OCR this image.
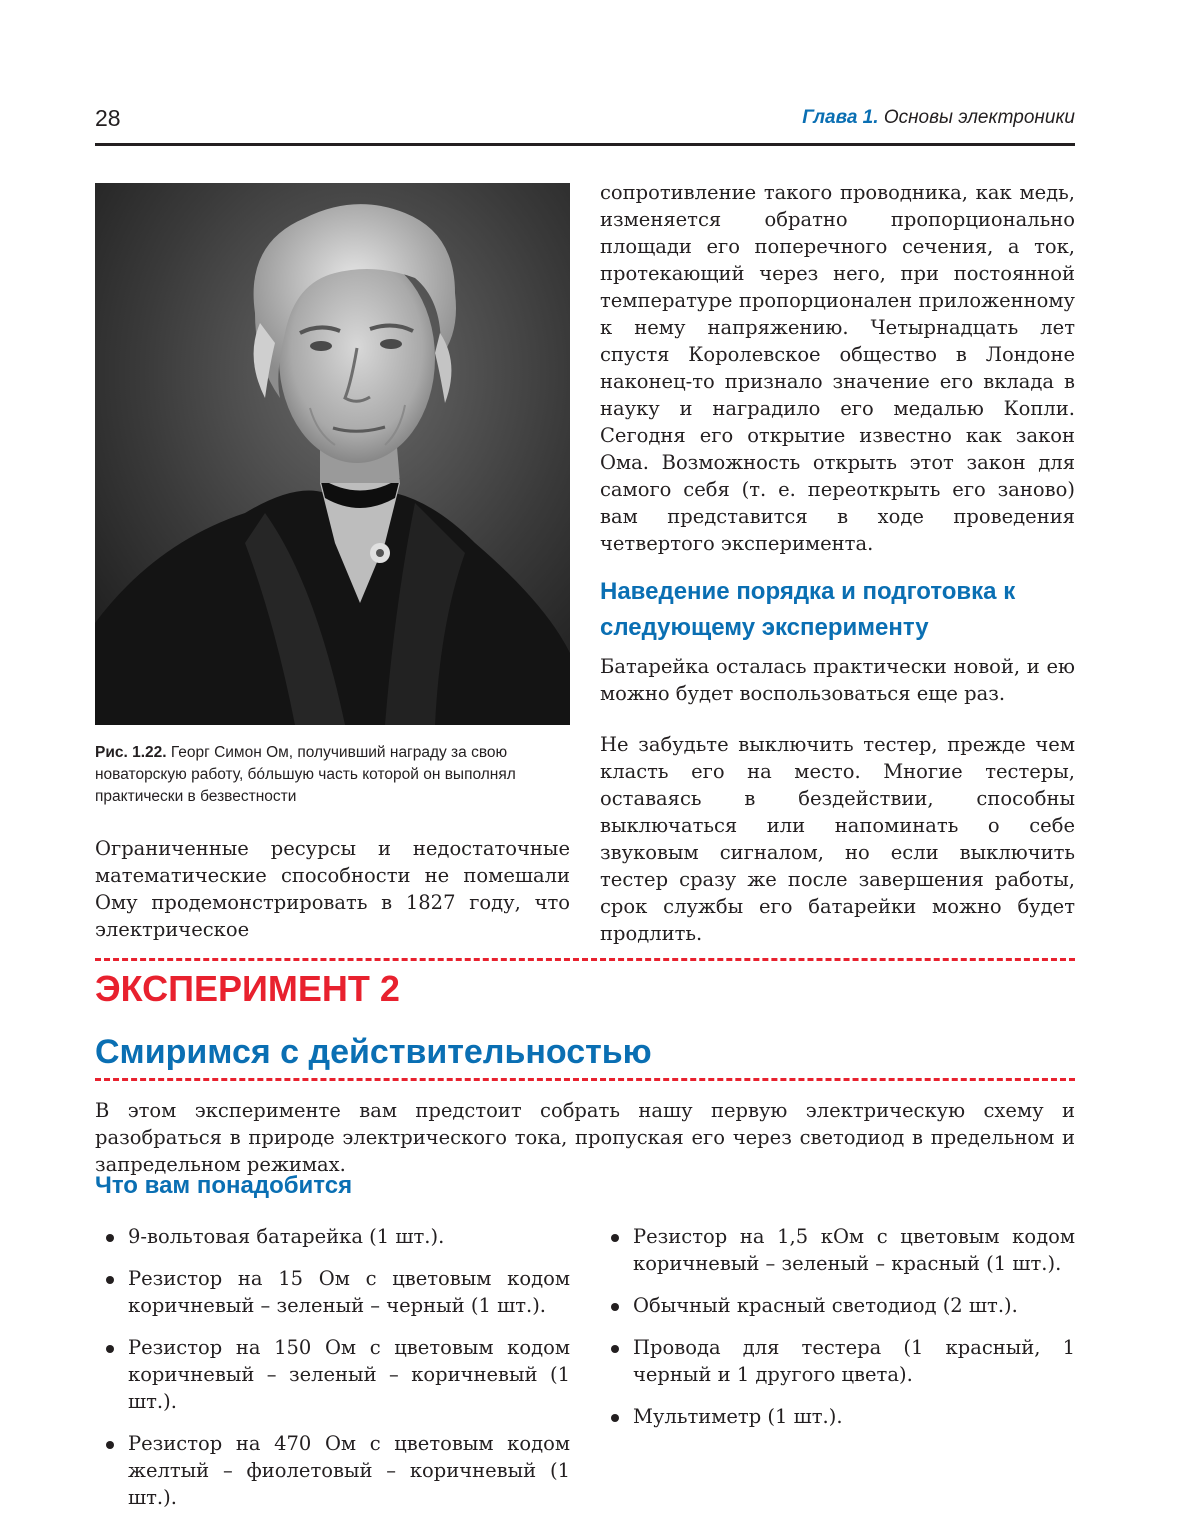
28	Глава 1. Основы электроники
Рис. 1.22. Георг Симон Ом, получивший награду за свою новаторскую работу, бóльшую часть которой он выполнял практически в безвестности
Ограниченные ресурсы и недостаточные математические способности не помешали Ому продемонстрировать в 1827 году, что электрическое
сопротивление такого проводника, как медь, изменяется обратно пропорционально площади его поперечного сечения, а ток, протекающий через него, при постоянной температуре пропорционален приложенному к нему напряжению. Четырнадцать лет спустя Королевское общество в Лондоне наконец-то признало значение его вклада в науку и наградило его медалью Копли. Сегодня его открытие известно как закон Ома. Возможность открыть этот закон для самого себя (т. е. переоткрыть его заново) вам представится в ходе проведения четвертого эксперимента.
Наведение порядка и подготовка к следующему эксперименту
Батарейка осталась практически новой, и ею можно будет воспользоваться еще раз.
Не забудьте выключить тестер, прежде чем класть его на место. Многие тестеры, оставаясь в бездействии, способны выключаться или напоминать о себе звуковым сигналом, но если выключить тестер сразу же после завершения работы, срок службы его батарейки можно будет продлить.
ЭКСПЕРИМЕНТ 2
Смиримся с действительностью
В этом эксперименте вам предстоит собрать нашу первую электрическую схему и разобраться в природе электрического тока, пропуская его через светодиод в предельном и запредельном режимах.
Что вам понадобится
9-вольтовая батарейка (1 шт.).
Резистор на 15 Ом с цветовым кодом коричневый – зеленый – черный (1 шт.).
Резистор на 150 Ом с цветовым кодом коричневый – зеленый – коричневый (1 шт.).
Резистор на 470 Ом с цветовым кодом желтый – фиолетовый – коричневый (1 шт.).
Резистор на 1,5 кОм с цветовым кодом коричневый – зеленый – красный (1 шт.).
Обычный красный светодиод (2 шт.).
Провода для тестера (1 красный, 1 черный и 1 другого цвета).
Мультиметр (1 шт.).
